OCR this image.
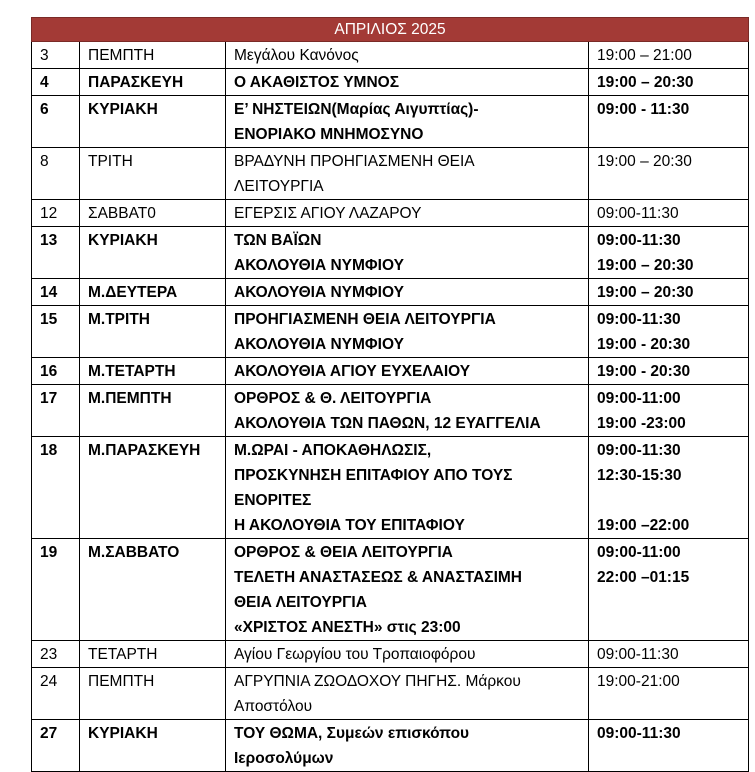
ΑΠΡΙΛΙΟΣ 2025			

3	ΠΕΜΠΤΗ	Μεγάλου Κανόνος	19:00 – 21:00

4	ΠΑΡΑΣΚΕΥΗ	Ο ΑΚΑΘΙΣΤΟΣ ΥΜΝΟΣ	19:00 – 20:30

6	ΚΥΡΙΑΚΗ	Ε’ ΝΗΣΤΕΙΩΝ(Μαρίας Αιγυπτίας)-
ΕΝΟΡΙΑΚΟ ΜΝΗΜΟΣΥΝΟ	09:00 - 11:30

8	ΤΡΙΤΗ	ΒΡΑΔΥΝΗ ΠΡΟΗΓΙΑΣΜΕΝΗ ΘΕΙΑ
ΛΕΙΤΟΥΡΓΙΑ	19:00 – 20:30

12	ΣΑΒΒΑΤ0	ΕΓΕΡΣΙΣ ΑΓΙΟΥ ΛΑΖΑΡΟΥ	09:00-11:30

13	ΚΥΡΙΑΚΗ	ΤΩΝ ΒΑΪΩΝ
ΑΚΟΛΟΥΘΙΑ ΝΥΜΦΙΟΥ	09:00-11:30
19:00 – 20:30

14	Μ.ΔΕΥΤΕΡΑ	ΑΚΟΛΟΥΘΙΑ ΝΥΜΦΙΟΥ	19:00 – 20:30

15	Μ.ΤΡΙΤΗ	ΠΡΟΗΓΙΑΣΜΕΝΗ ΘΕΙΑ ΛΕΙΤΟΥΡΓΙΑ
ΑΚΟΛΟΥΘΙΑ ΝΥΜΦΙΟΥ	09:00-11:30
19:00 - 20:30

16	Μ.ΤΕΤΑΡΤΗ	ΑΚΟΛΟΥΘΙΑ ΑΓΙΟΥ ΕΥΧΕΛΑΙΟΥ	19:00 - 20:30

17	Μ.ΠΕΜΠΤΗ	ΟΡΘΡΟΣ & Θ. ΛΕΙΤΟΥΡΓΙΑ
ΑΚΟΛΟΥΘΙΑ ΤΩΝ ΠΑΘΩΝ, 12 ΕΥΑΓΓΕΛΙΑ	09:00-11:00
19:00 -23:00

18	Μ.ΠΑΡΑΣΚΕΥΗ	Μ.ΩΡΑΙ - ΑΠΟΚΑΘΗΛΩΣΙΣ,
ΠΡΟΣΚΥΝΗΣΗ ΕΠΙΤΑΦΙΟΥ ΑΠΟ ΤΟΥΣ
ΕΝΟΡΙΤΕΣ
Η ΑΚΟΛΟΥΘΙΑ ΤΟΥ ΕΠΙΤΑΦΙΟΥ	09:00-11:30
12:30-15:30
19:00 –22:00

19	Μ.ΣΑΒΒΑΤΟ	ΟΡΘΡΟΣ & ΘΕΙΑ ΛΕΙΤΟΥΡΓΙΑ
ΤΕΛΕΤΗ ΑΝΑΣΤΑΣΕΩΣ & ΑΝΑΣΤΑΣΙΜΗ
ΘΕΙΑ ΛΕΙΤΟΥΡΓΙΑ
«ΧΡΙΣΤΟΣ ΑΝΕΣΤΗ» στις 23:00	09:00-11:00
22:00 –01:15

23	ΤΕΤΑΡΤΗ	Αγίου Γεωργίου του Τροπαιοφόρου	09:00-11:30

24	ΠΕΜΠΤΗ	ΑΓΡΥΠΝΙΑ ΖΩΟΔΟΧΟΥ ΠΗΓΗΣ. Μάρκου
Αποστόλου	19:00-21:00

27	ΚΥΡΙΑΚΗ	ΤΟΥ ΘΩΜΑ, Συμεών επισκόπου
Ιεροσολύμων	09:00-11:30
